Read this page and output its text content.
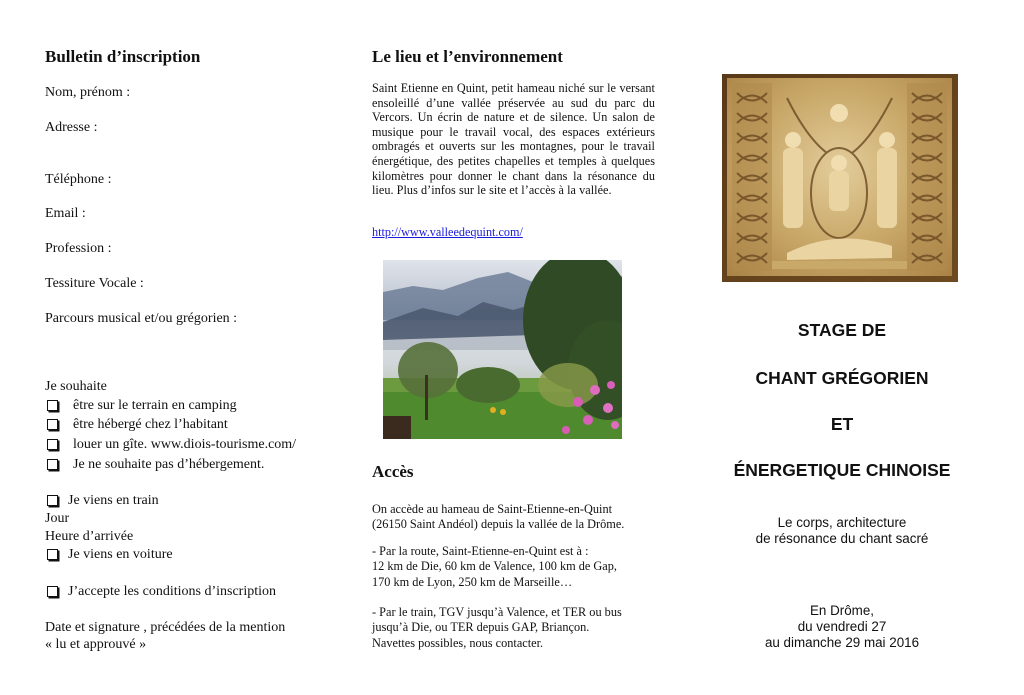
Bulletin d’inscription
Nom, prénom :
Adresse :
Téléphone :
Email :
Profession :
Tessiture Vocale :
Parcours musical et/ou grégorien :
Je souhaite
être sur le terrain en camping
être hébergé chez l’habitant
louer un gîte. www.diois-tourisme.com/
Je ne souhaite pas d’hébergement.
Je viens en train
Jour
Heure d’arrivée
Je viens en voiture
J’accepte les conditions d’inscription
Date et signature , précédées de la mention
« lu et approuvé »
Le lieu et l’environnement
Saint Etienne en Quint, petit hameau niché sur le versant ensoleillé d’une vallée préservée au sud du parc du Vercors. Un écrin de nature et de silence. Un salon de musique pour le travail vocal, des espaces extérieurs ombragés et ouverts sur les montagnes, pour le travail énergétique, des petites chapelles et temples à quelques kilomètres pour donner le chant dans la résonance du lieu. Plus d’infos sur le site et l’accès à la vallée.
http://www.valleedequint.com/
Accès
On accède au hameau de Saint-Etienne-en-Quint
(26150 Saint Andéol) depuis la vallée de la Drôme.
- Par la route, Saint-Etienne-en-Quint est à :
12 km de Die, 60 km de Valence, 100 km de Gap,
170 km de Lyon, 250 km de Marseille…
- Par le train, TGV jusqu’à Valence, et TER ou bus
jusqu’à Die, ou TER depuis GAP, Briançon.
Navettes possibles, nous contacter.
STAGE DE
CHANT GRÉGORIEN
ET
ÉNERGETIQUE CHINOISE
Le corps, architecture
de résonance du chant sacré
En Drôme,
du vendredi 27
au dimanche 29 mai 2016
